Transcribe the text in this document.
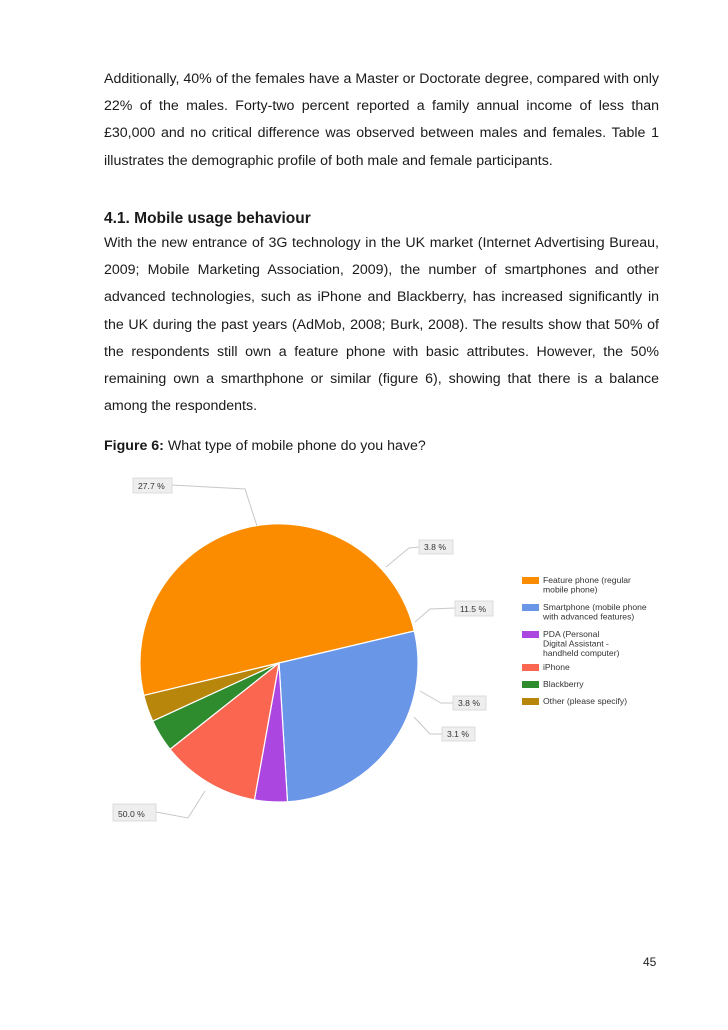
Additionally, 40% of the females have a Master or Doctorate degree, compared with only 22% of the males. Forty-two percent reported a family annual income of less than £30,000 and no critical difference was observed between males and females. Table 1 illustrates the demographic profile of both male and female participants.

4.1. Mobile usage behaviour

With the new entrance of 3G technology in the UK market (Internet Advertising Bureau, 2009; Mobile Marketing Association, 2009), the number of smartphones and other advanced technologies, such as iPhone and Blackberry, has increased significantly in the UK during the past years (AdMob, 2008; Burk, 2008). The results show that 50% of the respondents still own a feature phone with basic attributes. However, the 50% remaining own a smarthphone or similar (figure 6), showing that there is a balance among the respondents.

Figure 6: What type of mobile phone do you have?

50.0 %
27.7 %
3.8 %
11.5 %
3.8 %
3.1 %
Feature phone (regular mobile phone)
Smartphone (mobile phone with advanced features)
PDA (Personal Digital Assistant -handheld computer)
iPhone
Blackberry
Other (please specify)
45
